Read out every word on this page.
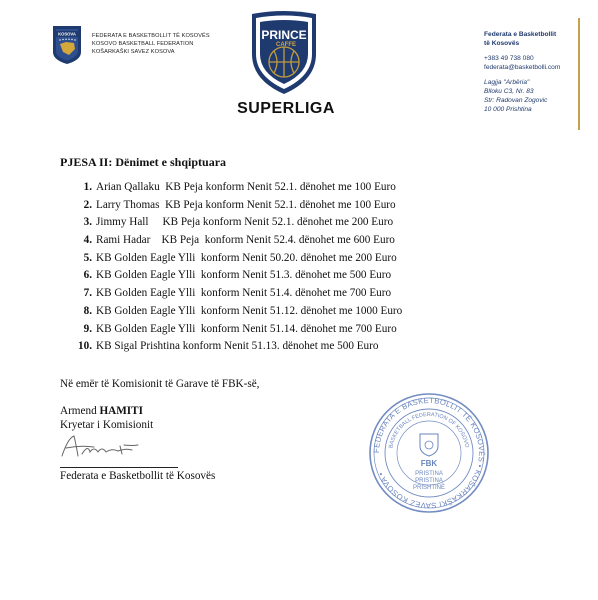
KOSOVA	FEDERATA E BASKETBOLLIT TË KOSOVËS
KOSOVO BASKETBALL FEDERATION
KOŠARKAŠKI SAVEZ KOSOVA
PRINCE
CAFFE
SUPERLIGA
Federata e Basketbollit
të Kosovës
+383 49 738 080
federata@basketbolli.com
Lagjja "Arbëria"
Blloku C3, Nr. 83
Str: Radovan Zogovic
10 000 Prishtina
PJESA II: Dënimet e shqiptuara
1. Arian Qallaku  KB Peja konform Nenit 52.1. dënohet me 100 Euro
2. Larry Thomas  KB Peja konform Nenit 52.1. dënohet me 100 Euro
3. Jimmy Hall     KB Peja konform Nenit 52.1. dënohet me 200 Euro
4. Rami Hadar    KB Peja  konform Nenit 52.4. dënohet me 600 Euro
5. KB Golden Eagle Ylli  konform Nenit 50.20. dënohet me 200 Euro
6. KB Golden Eagle Ylli  konform Nenit 51.3. dënohet me 500 Euro
7. KB Golden Eagle Ylli  konform Nenit 51.4. dënohet me 700 Euro
8. KB Golden Eagle Ylli  konform Nenit 51.12. dënohet me 1000 Euro
9. KB Golden Eagle Ylli  konform Nenit 51.14. dënohet me 700 Euro
10. KB Sigal Prishtina konform Nenit 51.13. dënohet me 500 Euro
Në emër të Komisionit të Garave të FBK-së,
Armend HAMITI
Kryetar i Komisionit
Federata e Basketbollit të Kosovës
FEDERATA E BASKETBOLLIT TË KOSOVËS • KOŠARKAŠKI SAVEZ KOSOVA •
BASKETBALL FEDERATION OF KOSOVO
FBK
PRISTINA
PRISTINA
PRISHTINË
